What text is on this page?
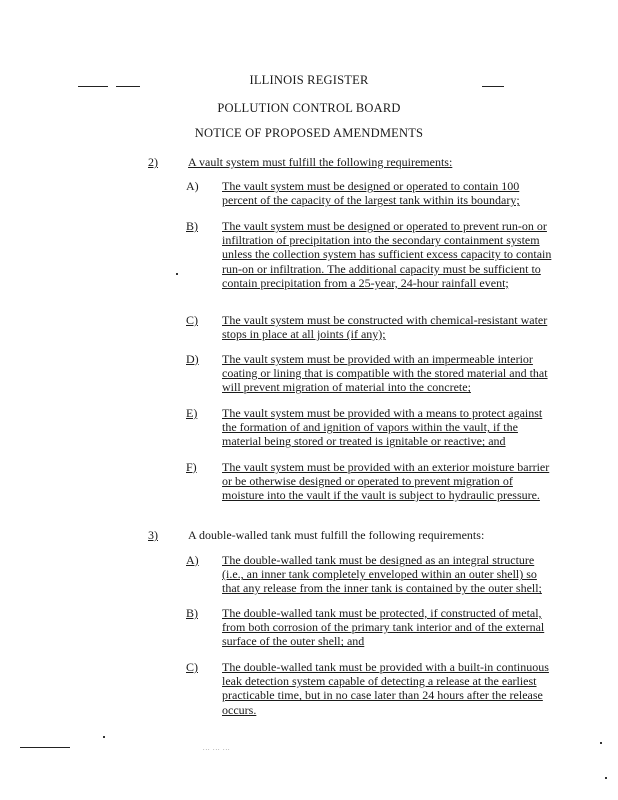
ILLINOIS REGISTER
POLLUTION CONTROL BOARD
NOTICE OF PROPOSED AMENDMENTS
2)	A vault system must fulfill the following requirements:
A) The vault system must be designed or operated to contain 100 percent of the capacity of the largest tank within its boundary;
B) The vault system must be designed or operated to prevent run-on or infiltration of precipitation into the secondary containment system unless the collection system has sufficient excess capacity to contain run-on or infiltration. The additional capacity must be sufficient to contain precipitation from a 25-year, 24-hour rainfall event;
C) The vault system must be constructed with chemical-resistant water stops in place at all joints (if any);
D) The vault system must be provided with an impermeable interior coating or lining that is compatible with the stored material and that will prevent migration of material into the concrete;
E) The vault system must be provided with a means to protect against the formation of and ignition of vapors within the vault, if the material being stored or treated is ignitable or reactive; and
F) The vault system must be provided with an exterior moisture barrier or be otherwise designed or operated to prevent migration of moisture into the vault if the vault is subject to hydraulic pressure.
3)	A double-walled tank must fulfill the following requirements:
A) The double-walled tank must be designed as an integral structure (i.e., an inner tank completely enveloped within an outer shell) so that any release from the inner tank is contained by the outer shell;
B) The double-walled tank must be protected, if constructed of metal, from both corrosion of the primary tank interior and of the external surface of the outer shell; and
C) The double-walled tank must be provided with a built-in continuous leak detection system capable of detecting a release at the earliest practicable time, but in no case later than 24 hours after the release occurs.
... ... ...
